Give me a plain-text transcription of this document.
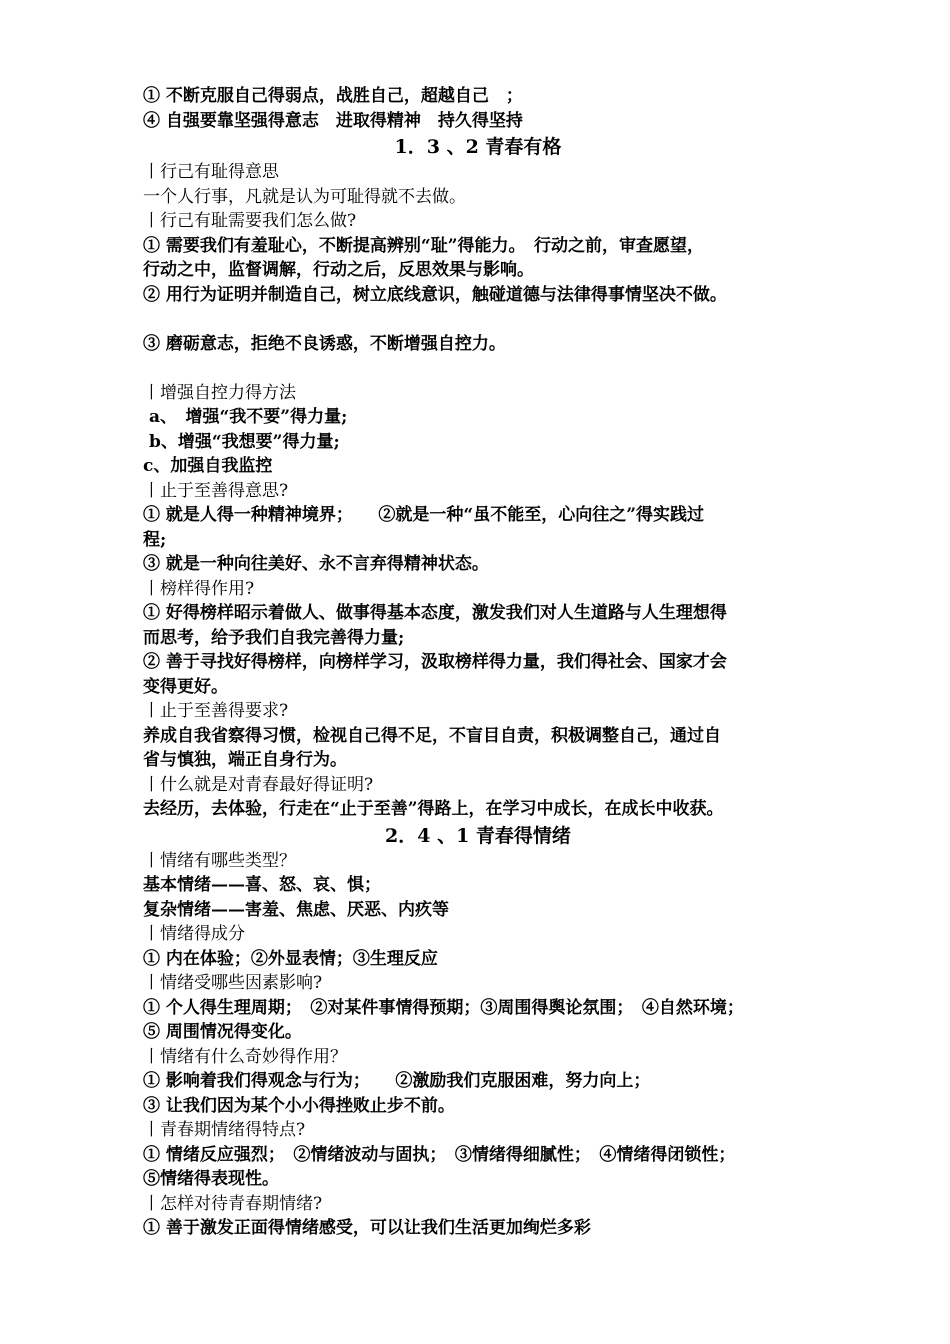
① 不断克服自己得弱点，战胜自己，超越自己　；
④ 自强要靠坚强得意志　进取得精神　持久得坚持
1．3 、2 青春有格
丨行己有耻得意思
一个人行事，凡就是认为可耻得就不去做。
丨行己有耻需要我们怎么做?
① 需要我们有羞耻心，不断提高辨别“耻”得能力。　行动之前，审查愿望，
行动之中，监督调解，行动之后，反思效果与影响。
② 用行为证明并制造自己，树立底线意识，触碰道德与法律得事情坚决不做。
③ 磨砺意志，拒绝不良诱惑，不断增强自控力。
丨增强自控力得方法
a、　增强“我不要”得力量;
b、增强“我想要”得力量;
c、加强自我监控
丨止于至善得意思?
① 就是人得一种精神境界；　　②就是一种“虽不能至，心向往之”得实践过
程;
③ 就是一种向往美好、永不言弃得精神状态。
丨榜样得作用?
① 好得榜样昭示着做人、做事得基本态度，激发我们对人生道路与人生理想得
而思考，给予我们自我完善得力量;
② 善于寻找好得榜样，向榜样学习，汲取榜样得力量，我们得社会、国家才会
变得更好。
丨止于至善得要求?
养成自我省察得习惯，检视自己得不足，不盲目自责，积极调整自己，通过自
省与慎独，端正自身行为。
丨什么就是对青春最好得证明?
去经历，去体验，行走在“止于至善”得路上，在学习中成长，在成长中收获。
2．4 、1 青春得情绪
丨情绪有哪些类型？
基本情绪——喜、怒、哀、惧；
复杂情绪——害羞、焦虑、厌恶、内疚等
丨情绪得成分
① 内在体验；②外显表情；③生理反应
丨情绪受哪些因素影响?
① 个人得生理周期；　②对某件事情得预期；③周围得舆论氛围；　④自然环境；
⑤ 周围情况得变化。
丨情绪有什么奇妙得作用？
① 影响着我们得观念与行为；　　②激励我们克服困难，努力向上；
③ 让我们因为某个小小得挫败止步不前。
丨青春期情绪得特点?
① 情绪反应强烈；　②情绪波动与固执；　③情绪得细腻性；　④情绪得闭锁性；
⑤情绪得表现性。
丨怎样对待青春期情绪?
① 善于激发正面得情绪感受，可以让我们生活更加绚烂多彩
